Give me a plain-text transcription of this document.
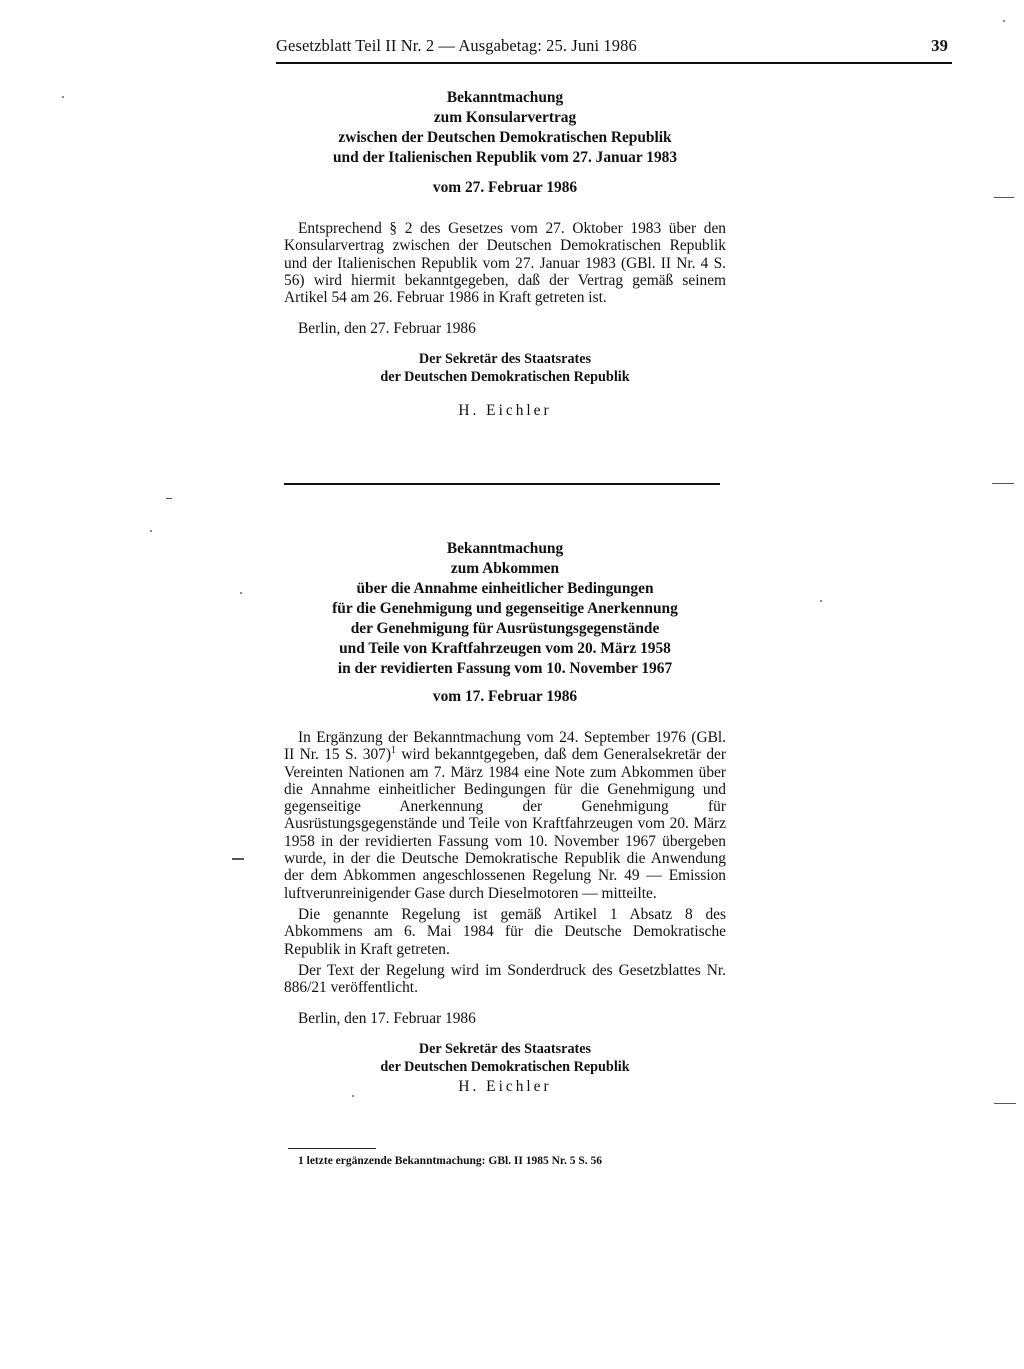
Gesetzblatt Teil II Nr. 2 — Ausgabetag: 25. Juni 1986	39
Bekanntmachung
zum Konsularvertrag
zwischen der Deutschen Demokratischen Republik
und der Italienischen Republik vom 27. Januar 1983
vom 27. Februar 1986

Entsprechend § 2 des Gesetzes vom 27. Oktober 1983 über den Konsularvertrag zwischen der Deutschen Demokratischen Republik und der Italienischen Republik vom 27. Januar 1983 (GBl. II Nr. 4 S. 56) wird hiermit bekanntgegeben, daß der Vertrag gemäß seinem Artikel 54 am 26. Februar 1986 in Kraft getreten ist.

Berlin, den 27. Februar 1986
Der Sekretär des Staatsrates
der Deutschen Demokratischen Republik
H. Eichler
Bekanntmachung
zum Abkommen
über die Annahme einheitlicher Bedingungen
für die Genehmigung und gegenseitige Anerkennung
der Genehmigung für Ausrüstungsgegenstände
und Teile von Kraftfahrzeugen vom 20. März 1958
in der revidierten Fassung vom 10. November 1967
vom 17. Februar 1986

In Ergänzung der Bekanntmachung vom 24. September 1976 (GBl. II Nr. 15 S. 307)$^1$ wird bekanntgegeben, daß dem Generalsekretär der Vereinten Nationen am 7. März 1984 eine Note zum Abkommen über die Annahme einheitlicher Bedingungen für die Genehmigung und gegenseitige Anerkennung der Genehmigung für Ausrüstungsgegenstände und Teile von Kraftfahrzeugen vom 20. März 1958 in der revidierten Fassung vom 10. November 1967 übergeben wurde, in der die Deutsche Demokratische Republik die Anwendung der dem Abkommen angeschlossenen Regelung Nr. 49 — Emission luftverunreinigender Gase durch Dieselmotoren — mitteilte.

Die genannte Regelung ist gemäß Artikel 1 Absatz 8 des Abkommens am 6. Mai 1984 für die Deutsche Demokratische Republik in Kraft getreten.

Der Text der Regelung wird im Sonderdruck des Gesetzblattes Nr. 886/21 veröffentlicht.

Berlin, den 17. Februar 1986
Der Sekretär des Staatsrates
der Deutschen Demokratischen Republik
H. Eichler
1 letzte ergänzende Bekanntmachung: GBl. II 1985 Nr. 5 S. 56
